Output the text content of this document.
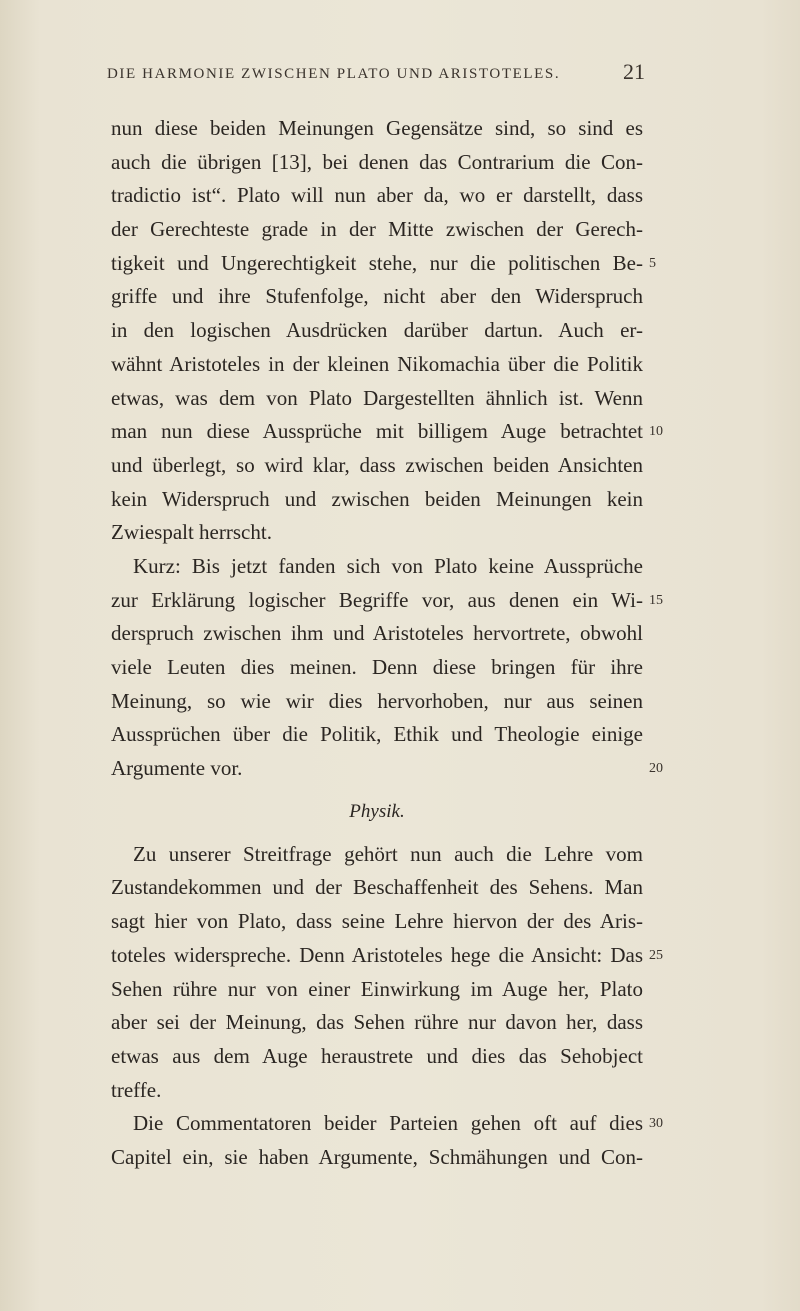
DIE HARMONIE ZWISCHEN PLATO UND ARISTOTELES.	21
nun diese beiden Meinungen Gegensätze sind, so sind es
auch die übrigen [13], bei denen das Contrarium die Con-
tradictio ist“. Plato will nun aber da, wo er darstellt, dass
der Gerechteste grade in der Mitte zwischen der Gerech-
tigkeit und Ungerechtigkeit stehe, nur die politischen Be- 5
griffe und ihre Stufenfolge, nicht aber den Widerspruch
in den logischen Ausdrücken darüber dartun. Auch er-
wähnt Aristoteles in der kleinen Nikomachia über die Politik
etwas, was dem von Plato Dargestellten ähnlich ist. Wenn
man nun diese Aussprüche mit billigem Auge betrachtet 10
und überlegt, so wird klar, dass zwischen beiden Ansichten
kein Widerspruch und zwischen beiden Meinungen kein
Zwiespalt herrscht.
Kurz: Bis jetzt fanden sich von Plato keine Aussprüche
zur Erklärung logischer Begriffe vor, aus denen ein Wi- 15
derspruch zwischen ihm und Aristoteles hervortrete, obwohl
viele Leuten dies meinen. Denn diese bringen für ihre
Meinung, so wie wir dies hervorhoben, nur aus seinen
Aussprüchen über die Politik, Ethik und Theologie einige
Argumente vor.	20
Physik.
Zu unserer Streitfrage gehört nun auch die Lehre vom
Zustandekommen und der Beschaffenheit des Sehens. Man
sagt hier von Plato, dass seine Lehre hiervon der des Aris-
toteles widerspreche. Denn Aristoteles hege die Ansicht: Das 25
Sehen rühre nur von einer Einwirkung im Auge her, Plato
aber sei der Meinung, das Sehen rühre nur davon her, dass
etwas aus dem Auge heraustrete und dies das Sehobject
treffe.
Die Commentatoren beider Parteien gehen oft auf dies 30
Capitel ein, sie haben Argumente, Schmähungen und Con-
